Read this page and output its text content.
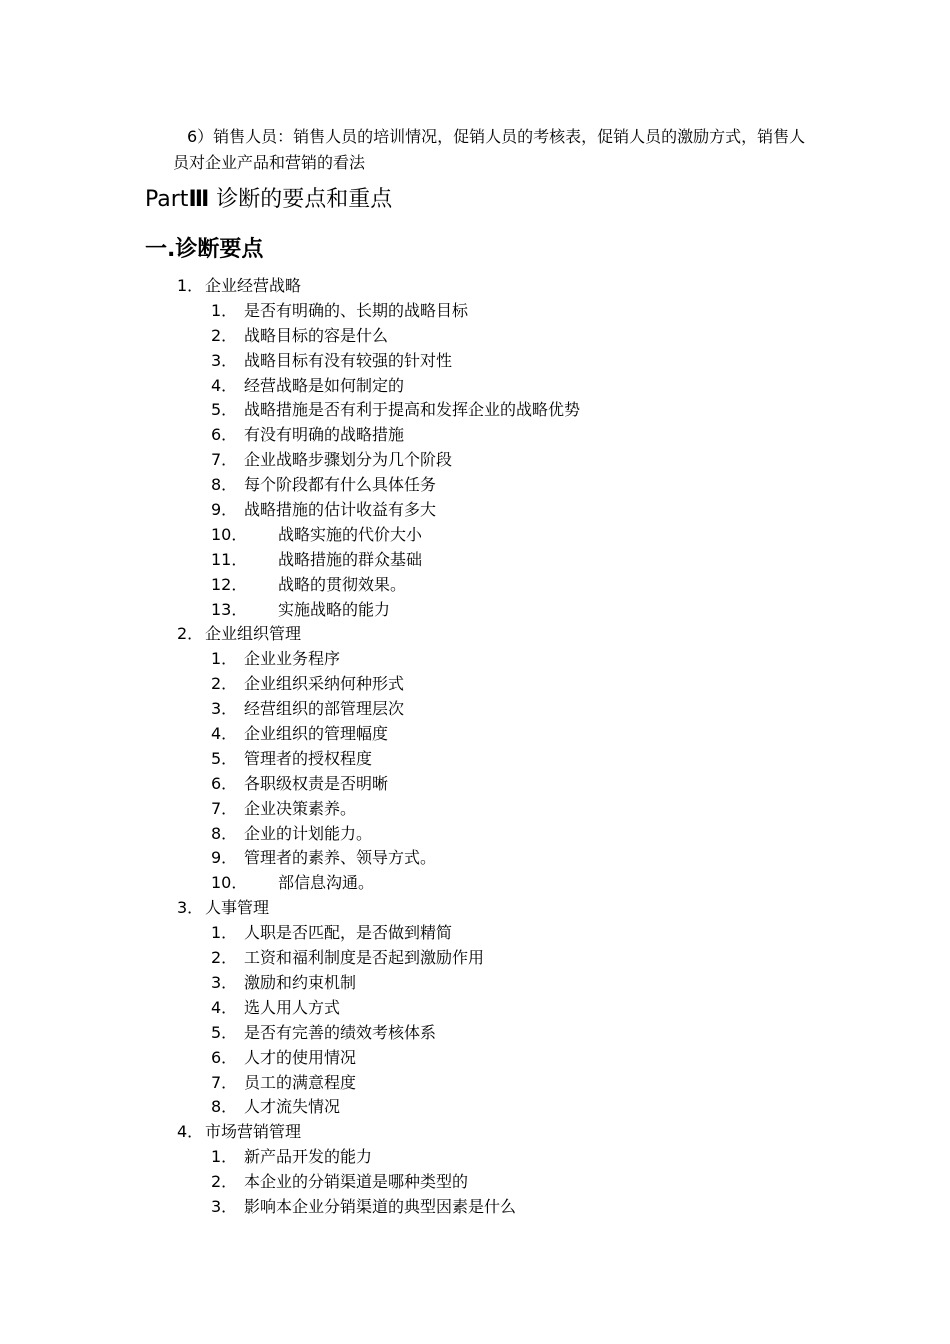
6）销售人员：销售人员的培训情况，促销人员的考核表，促销人员的激励方式，销售人员对企业产品和营销的看法
PartⅢ 诊断的要点和重点
一.诊断要点
1． 企业经营战略
1． 是否有明确的、长期的战略目标
2． 战略目标的容是什么
3． 战略目标有没有较强的针对性
4． 经营战略是如何制定的
5． 战略措施是否有利于提高和发挥企业的战略优势
6． 有没有明确的战略措施
7． 企业战略步骤划分为几个阶段
8． 每个阶段都有什么具体任务
9． 战略措施的估计收益有多大
10． 战略实施的代价大小
11． 战略措施的群众基础
12． 战略的贯彻效果。
13． 实施战略的能力
2． 企业组织管理
1． 企业业务程序
2． 企业组织采纳何种形式
3． 经营组织的部管理层次
4． 企业组织的管理幅度
5． 管理者的授权程度
6． 各职级权责是否明晰
7． 企业决策素养。
8． 企业的计划能力。
9． 管理者的素养、领导方式。
10． 部信息沟通。
3． 人事管理
1． 人职是否匹配，是否做到精简
2． 工资和福利制度是否起到激励作用
3． 激励和约束机制
4． 选人用人方式
5． 是否有完善的绩效考核体系
6． 人才的使用情况
7． 员工的满意程度
8． 人才流失情况
4． 市场营销管理
1． 新产品开发的能力
2． 本企业的分销渠道是哪种类型的
3． 影响本企业分销渠道的典型因素是什么
